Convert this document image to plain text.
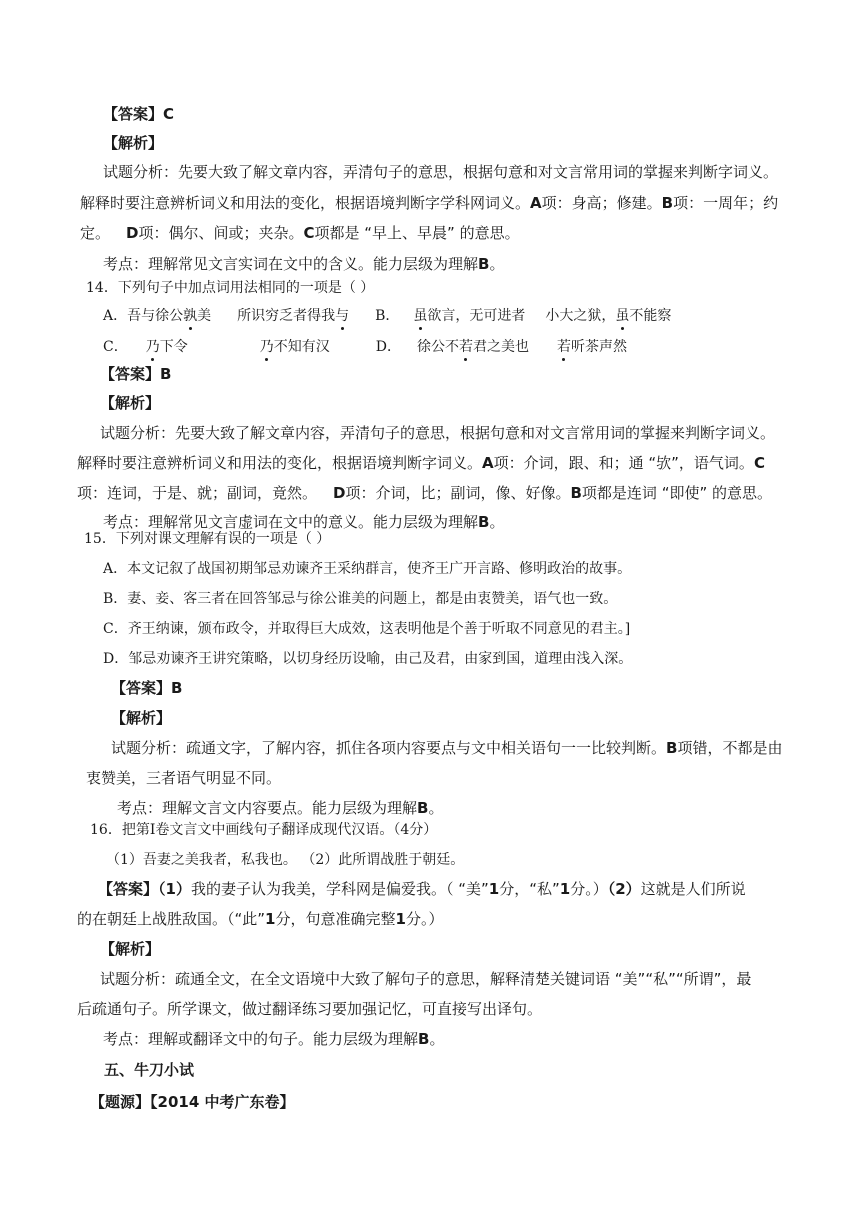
【答案】C
【解析】
试题分析：先要大致了解文章内容，弄清句子的意思，根据句意和对文言常用词的掌握来判断字词义。
解释时要注意辨析词义和用法的变化，根据语境判断字学科网词义。A项：身高；修建。B项：一周年；约
定。 D项：偶尔、间或；夹杂。C项都是 “早上、早晨” 的意思。
考点：理解常见文言实词在文中的含义。能力层级为理解B。
14．下列句子中加点词用法相同的一项是（ ）
A．吾与徐公孰美 所识穷乏者得我与 B． 虽欲言，无可进者 小大之狱，虽不能察
C． 乃下令	乃不知有汉	D． 徐公不若君之美也 若听茶声然
【答案】B
【解析】
试题分析：先要大致了解文章内容，弄清句子的意思，根据句意和对文言常用词的掌握来判断字词义。
解释时要注意辨析词义和用法的变化，根据语境判断字词义。A项：介词，跟、和；通 “欤”，语气词。C
项：连词，于是、就；副词，竟然。 D项：介词，比；副词，像、好像。B项都是连词 “即使” 的意思。
考点：理解常见文言虚词在文中的意义。能力层级为理解B。
15．下列对课文理解有误的一项是（ ）
A．本文记叙了战国初期邹忌劝谏齐王采纳群言，使齐王广开言路、修明政治的故事。
B．妻、妾、客三者在回答邹忌与徐公谁美的问题上，都是由衷赞美，语气也一致。
C．齐王纳谏，颁布政令，并取得巨大成效，这表明他是个善于听取不同意见的君主。]
D．邹忌劝谏齐王讲究策略，以切身经历设喻，由己及君，由家到国，道理由浅入深。
【答案】B
【解析】
试题分析：疏通文字，了解内容，抓住各项内容要点与文中相关语句一一比较判断。B项错，不都是由
衷赞美，三者语气明显不同。
考点：理解文言文内容要点。能力层级为理解B。
16．把第Ⅰ卷文言文中画线句子翻译成现代汉语。（4分）
（1）吾妻之美我者，私我也。 （2）此所谓战胜于朝廷。
【答案】（1）我的妻子认为我美，学科网是偏爱我。（ “美”1分，“私”1分。）（2）这就是人们所说
的在朝廷上战胜敌国。（“此”1分，句意准确完整1分。）
【解析】
试题分析：疏通全文，在全文语境中大致了解句子的意思，解释清楚关键词语 “美”“私”“所谓”，最
后疏通句子。所学课文，做过翻译练习要加强记忆，可直接写出译句。
考点：理解或翻译文中的句子。能力层级为理解B。
五、牛刀小试
【题源】【2014 中考广东卷】
